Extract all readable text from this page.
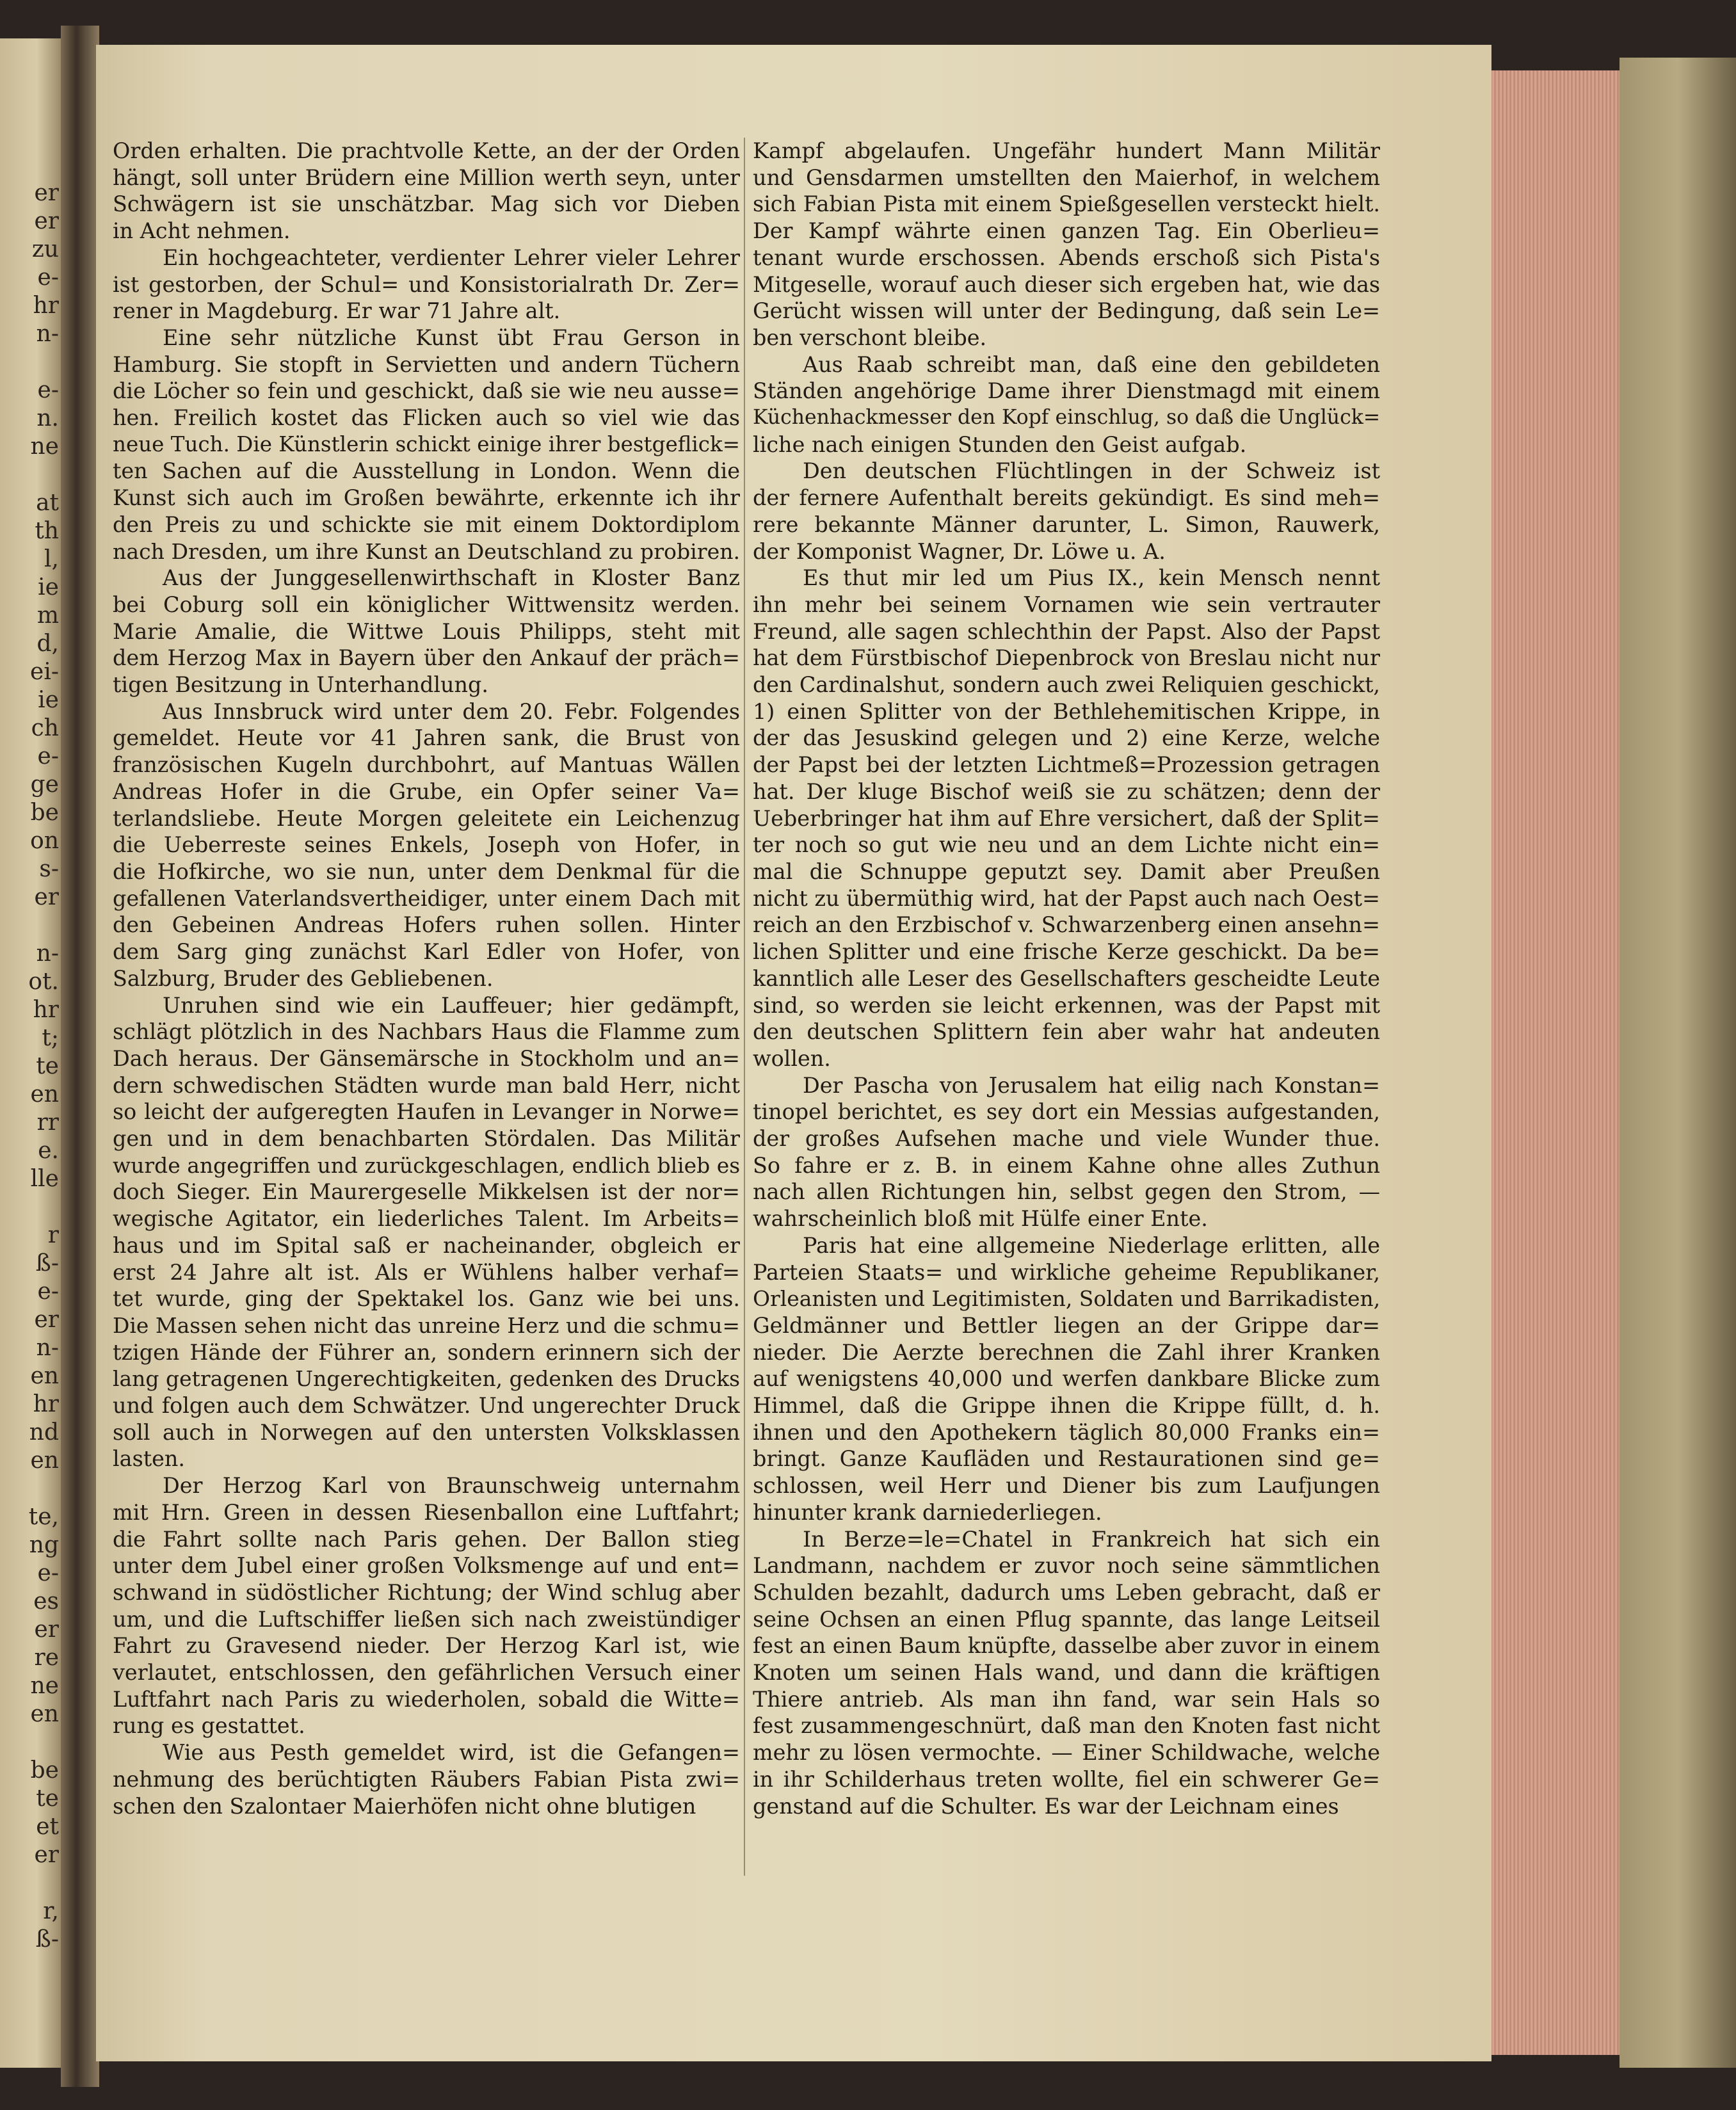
er
er
zu
e-
hr
n-

e-
n.
ne

at
th
l,
ie
m
d,
ei-
ie
ch
e-
ge
be
on
s-
er

n-
ot.
hr
t;
te
en
rr
e.
lle

r
ß-
e-
er
n-
en
hr
nd
en

te,
ng
e-
es
er
re
ne
en

be
te
et
er

r,
ß-
Orden erhalten. Die prachtvolle Kette, an der der Orden
hängt, soll unter Brüdern eine Million werth seyn, unter
Schwägern ist sie unschätzbar. Mag sich vor Dieben
in Acht nehmen.
Ein hochgeachteter, verdienter Lehrer vieler Lehrer
ist gestorben, der Schul= und Konsistorialrath Dr. Zer=
rener in Magdeburg. Er war 71 Jahre alt.
Eine sehr nützliche Kunst übt Frau Gerson in
Hamburg. Sie stopft in Servietten und andern Tüchern
die Löcher so fein und geschickt, daß sie wie neu ausse=
hen. Freilich kostet das Flicken auch so viel wie das
neue Tuch. Die Künstlerin schickt einige ihrer bestgeflick=
ten Sachen auf die Ausstellung in London. Wenn die
Kunst sich auch im Großen bewährte, erkennte ich ihr
den Preis zu und schickte sie mit einem Doktordiplom
nach Dresden, um ihre Kunst an Deutschland zu probiren.
Aus der Junggesellenwirthschaft in Kloster Banz
bei Coburg soll ein königlicher Wittwensitz werden.
Marie Amalie, die Wittwe Louis Philipps, steht mit
dem Herzog Max in Bayern über den Ankauf der präch=
tigen Besitzung in Unterhandlung.
Aus Innsbruck wird unter dem 20. Febr. Folgendes
gemeldet. Heute vor 41 Jahren sank, die Brust von
französischen Kugeln durchbohrt, auf Mantuas Wällen
Andreas Hofer in die Grube, ein Opfer seiner Va=
terlandsliebe. Heute Morgen geleitete ein Leichenzug
die Ueberreste seines Enkels, Joseph von Hofer, in
die Hofkirche, wo sie nun, unter dem Denkmal für die
gefallenen Vaterlandsvertheidiger, unter einem Dach mit
den Gebeinen Andreas Hofers ruhen sollen. Hinter
dem Sarg ging zunächst Karl Edler von Hofer, von
Salzburg, Bruder des Gebliebenen.
Unruhen sind wie ein Lauffeuer; hier gedämpft,
schlägt plötzlich in des Nachbars Haus die Flamme zum
Dach heraus. Der Gänsemärsche in Stockholm und an=
dern schwedischen Städten wurde man bald Herr, nicht
so leicht der aufgeregten Haufen in Levanger in Norwe=
gen und in dem benachbarten Stördalen. Das Militär
wurde angegriffen und zurückgeschlagen, endlich blieb es
doch Sieger. Ein Maurergeselle Mikkelsen ist der nor=
wegische Agitator, ein liederliches Talent. Im Arbeits=
haus und im Spital saß er nacheinander, obgleich er
erst 24 Jahre alt ist. Als er Wühlens halber verhaf=
tet wurde, ging der Spektakel los. Ganz wie bei uns.
Die Massen sehen nicht das unreine Herz und die schmu=
tzigen Hände der Führer an, sondern erinnern sich der
lang getragenen Ungerechtigkeiten, gedenken des Drucks
und folgen auch dem Schwätzer. Und ungerechter Druck
soll auch in Norwegen auf den untersten Volksklassen
lasten.
Der Herzog Karl von Braunschweig unternahm
mit Hrn. Green in dessen Riesenballon eine Luftfahrt;
die Fahrt sollte nach Paris gehen. Der Ballon stieg
unter dem Jubel einer großen Volksmenge auf und ent=
schwand in südöstlicher Richtung; der Wind schlug aber
um, und die Luftschiffer ließen sich nach zweistündiger
Fahrt zu Gravesend nieder. Der Herzog Karl ist, wie
verlautet, entschlossen, den gefährlichen Versuch einer
Luftfahrt nach Paris zu wiederholen, sobald die Witte=
rung es gestattet.
Wie aus Pesth gemeldet wird, ist die Gefangen=
nehmung des berüchtigten Räubers Fabian Pista zwi=
schen den Szalontaer Maierhöfen nicht ohne blutigen
Kampf abgelaufen. Ungefähr hundert Mann Militär
und Gensdarmen umstellten den Maierhof, in welchem
sich Fabian Pista mit einem Spießgesellen versteckt hielt.
Der Kampf währte einen ganzen Tag. Ein Oberlieu=
tenant wurde erschossen. Abends erschoß sich Pista's
Mitgeselle, worauf auch dieser sich ergeben hat, wie das
Gerücht wissen will unter der Bedingung, daß sein Le=
ben verschont bleibe.
Aus Raab schreibt man, daß eine den gebildeten
Ständen angehörige Dame ihrer Dienstmagd mit einem
Küchenhackmesser den Kopf einschlug, so daß die Unglück=
liche nach einigen Stunden den Geist aufgab.
Den deutschen Flüchtlingen in der Schweiz ist
der fernere Aufenthalt bereits gekündigt. Es sind meh=
rere bekannte Männer darunter, L. Simon, Rauwerk,
der Komponist Wagner, Dr. Löwe u. A.
Es thut mir led um Pius IX., kein Mensch nennt
ihn mehr bei seinem Vornamen wie sein vertrauter
Freund, alle sagen schlechthin der Papst. Also der Papst
hat dem Fürstbischof Diepenbrock von Breslau nicht nur
den Cardinalshut, sondern auch zwei Reliquien geschickt,
1) einen Splitter von der Bethlehemitischen Krippe, in
der das Jesuskind gelegen und 2) eine Kerze, welche
der Papst bei der letzten Lichtmeß=Prozession getragen
hat. Der kluge Bischof weiß sie zu schätzen; denn der
Ueberbringer hat ihm auf Ehre versichert, daß der Split=
ter noch so gut wie neu und an dem Lichte nicht ein=
mal die Schnuppe geputzt sey. Damit aber Preußen
nicht zu übermüthig wird, hat der Papst auch nach Oest=
reich an den Erzbischof v. Schwarzenberg einen ansehn=
lichen Splitter und eine frische Kerze geschickt. Da be=
kanntlich alle Leser des Gesellschafters gescheidte Leute
sind, so werden sie leicht erkennen, was der Papst mit
den deutschen Splittern fein aber wahr hat andeuten
wollen.
Der Pascha von Jerusalem hat eilig nach Konstan=
tinopel berichtet, es sey dort ein Messias aufgestanden,
der großes Aufsehen mache und viele Wunder thue.
So fahre er z. B. in einem Kahne ohne alles Zuthun
nach allen Richtungen hin, selbst gegen den Strom, —
wahrscheinlich bloß mit Hülfe einer Ente.
Paris hat eine allgemeine Niederlage erlitten, alle
Parteien Staats= und wirkliche geheime Republikaner,
Orleanisten und Legitimisten, Soldaten und Barrikadisten,
Geldmänner und Bettler liegen an der Grippe dar=
nieder. Die Aerzte berechnen die Zahl ihrer Kranken
auf wenigstens 40,000 und werfen dankbare Blicke zum
Himmel, daß die Grippe ihnen die Krippe füllt, d. h.
ihnen und den Apothekern täglich 80,000 Franks ein=
bringt. Ganze Kaufläden und Restaurationen sind ge=
schlossen, weil Herr und Diener bis zum Laufjungen
hinunter krank darniederliegen.
In Berze=le=Chatel in Frankreich hat sich ein
Landmann, nachdem er zuvor noch seine sämmtlichen
Schulden bezahlt, dadurch ums Leben gebracht, daß er
seine Ochsen an einen Pflug spannte, das lange Leitseil
fest an einen Baum knüpfte, dasselbe aber zuvor in einem
Knoten um seinen Hals wand, und dann die kräftigen
Thiere antrieb. Als man ihn fand, war sein Hals so
fest zusammengeschnürt, daß man den Knoten fast nicht
mehr zu lösen vermochte. — Einer Schildwache, welche
in ihr Schilderhaus treten wollte, fiel ein schwerer Ge=
genstand auf die Schulter. Es war der Leichnam eines
